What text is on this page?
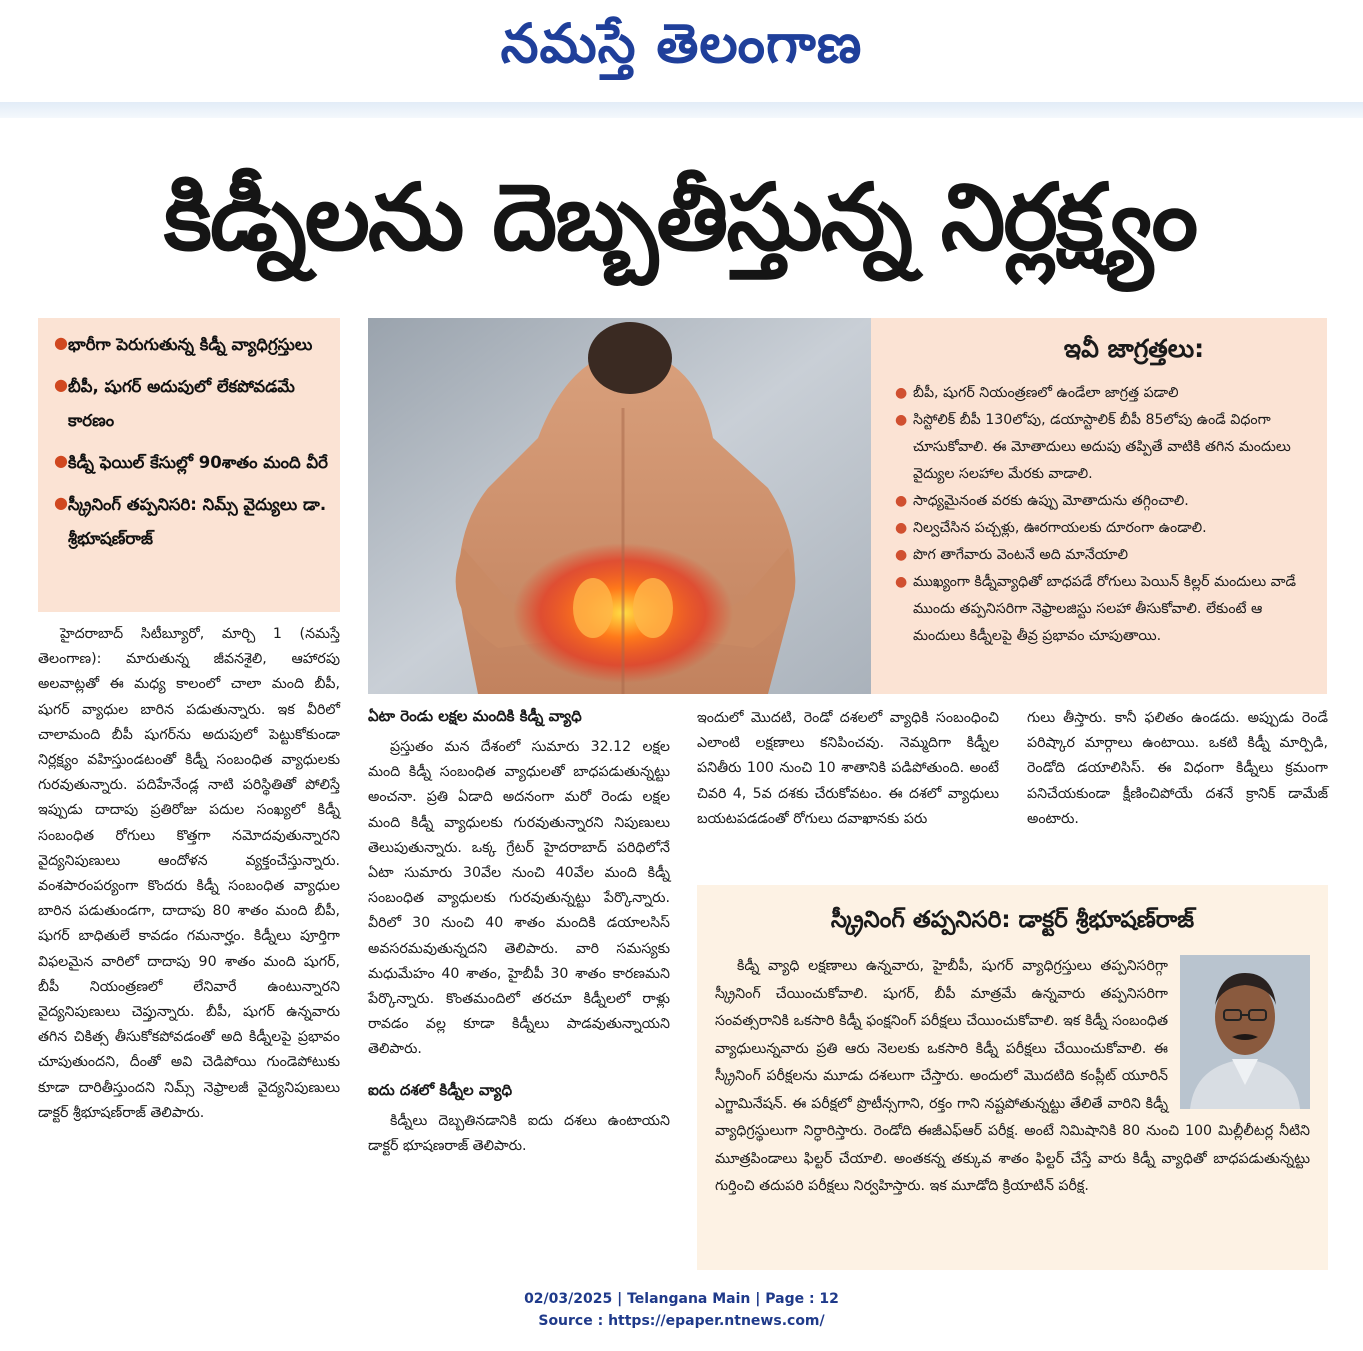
నమస్తే తెలంగాణ
కిడ్నీలను దెబ్బతీస్తున్న నిర్లక్ష్యం
● భారీగా పెరుగుతున్న కిడ్నీ వ్యాధిగ్రస్తులు
● బీపీ, షుగర్ అదుపులో లేకపోవడమే కారణం
● కిడ్నీ ఫెయిల్ కేసుల్లో 90శాతం మంది వీరే
● స్క్రీనింగ్ తప్పనిసరి: నిమ్స్ వైద్యులు డా. శ్రీభూషణ్‌రాజ్
ఇవీ జాగ్రత్తలు:
● బీపీ, షుగర్ నియంత్రణలో ఉండేలా జాగ్రత్త పడాలి
● సిస్టోలిక్ బీపీ 130లోపు, డయాస్టాలిక్ బీపీ 85లోపు ఉండే విధంగా చూసుకోవాలి. ఈ మోతాదులు అదుపు తప్పితే వాటికి తగిన మందులు వైద్యుల సలహాల మేరకు వాడాలి.
● సాధ్యమైనంత వరకు ఉప్పు మోతాదును తగ్గించాలి.
● నిల్వచేసిన పచ్చళ్లు, ఊరగాయలకు దూరంగా ఉండాలి.
● పొగ తాగేవారు వెంటనే అది మానేయాలి
● ముఖ్యంగా కిడ్నీవ్యాధితో బాధపడే రోగులు పెయిన్ కిల్లర్ మందులు వాడే ముందు తప్పనిసరిగా నెఫ్రాలజిస్టు సలహా తీసుకోవాలి. లేకుంటే ఆ మందులు కిడ్నీలపై తీవ్ర ప్రభావం చూపుతాయి.

హైదరాబాద్ సిటీబ్యూరో, మార్చి 1 (నమస్తే తెలంగాణ): మారుతున్న జీవనశైలి, ఆహారపు అలవాట్లతో ఈ మధ్య కాలంలో చాలా మంది బీపీ, షుగర్ వ్యాధుల బారిన పడుతున్నారు. ఇక వీరిలో చాలామంది బీపీ షుగర్‌ను అదుపులో పెట్టుకోకుండా నిర్లక్ష్యం వహిస్తుండటంతో కిడ్నీ సంబంధిత వ్యాధులకు గురవుతున్నారు. పదిహేనేండ్ల నాటి పరిస్థితితో పోలిస్తే ఇప్పుడు దాదాపు ప్రతిరోజు పదుల సంఖ్యలో కిడ్నీ సంబంధిత రోగులు కొత్తగా నమోదవుతున్నారని వైద్యనిపుణులు ఆందోళన వ్యక్తంచేస్తున్నారు. వంశపారంపర్యంగా కొందరు కిడ్నీ సంబంధిత వ్యాధుల బారిన పడుతుండగా, దాదాపు 80 శాతం మంది బీపీ, షుగర్ బాధితులే కావడం గమనార్హం. కిడ్నీలు పూర్తిగా విఫలమైన వారిలో దాదాపు 90 శాతం మంది షుగర్, బీపీ నియంత్రణలో లేనివారే ఉంటున్నారని వైద్యనిపుణులు చెప్తున్నారు. బీపీ, షుగర్ ఉన్నవారు తగిన చికిత్స తీసుకోకపోవడంతో అది కిడ్నీలపై ప్రభావం చూపుతుందని, దీంతో అవి చెడిపోయి గుండెపోటుకు కూడా దారితీస్తుందని నిమ్స్ నెఫ్రాలజీ వైద్యనిపుణులు డాక్టర్ శ్రీభూషణ్‌రాజ్ తెలిపారు.

ఏటా రెండు లక్షల మందికి కిడ్నీ వ్యాధి

ప్రస్తుతం మన దేశంలో సుమారు 32.12 లక్షల మంది కిడ్నీ సంబంధిత వ్యాధులతో బాధపడుతున్నట్టు అంచనా. ప్రతి ఏడాది అదనంగా మరో రెండు లక్షల మంది కిడ్నీ వ్యాధులకు గురవుతున్నారని నిపుణులు తెలుపుతున్నారు. ఒక్క గ్రేటర్ హైదరాబాద్ పరిధిలోనే ఏటా సుమారు 30వేల నుంచి 40వేల మంది కిడ్నీ సంబంధిత వ్యాధులకు గురవుతున్నట్టు పేర్కొన్నారు. వీరిలో 30 నుంచి 40 శాతం మందికి డయాలసిస్ అవసరమవుతున్నదని తెలిపారు. వారి సమస్యకు మధుమేహం 40 శాతం, హైబీపీ 30 శాతం కారణమని పేర్కొన్నారు. కొంతమందిలో తరచూ కిడ్నీలలో రాళ్లు రావడం వల్ల కూడా కిడ్నీలు పాడవుతున్నాయని తెలిపారు.

ఐదు దశలో కిడ్నీల వ్యాధి

కిడ్నీలు దెబ్బతినడానికి ఐదు దశలు ఉంటాయని డాక్టర్ భూషణరాజ్ తెలిపారు.

ఇందులో మొదటి, రెండో దశలలో వ్యాధికి సంబంధించి ఎలాంటి లక్షణాలు కనిపించవు. నెమ్మదిగా కిడ్నీల పనితీరు 100 నుంచి 10 శాతానికి పడిపోతుంది. అంటే చివరి 4, 5వ దశకు చేరుకోవటం. ఈ దశలో వ్యాధులు బయటపడడంతో రోగులు దవాఖానకు పరు

గులు తీస్తారు. కానీ ఫలితం ఉండదు. అప్పుడు రెండే పరిష్కార మార్గాలు ఉంటాయి. ఒకటి కిడ్నీ మార్పిడి, రెండోది డయాలిసిస్. ఈ విధంగా కిడ్నీలు క్రమంగా పనిచేయకుండా క్షీణించిపోయే దశనే క్రానిక్ డామేజ్ అంటారు.

స్క్రీనింగ్ తప్పనిసరి: డాక్టర్ శ్రీభూషణ్‌రాజ్

కిడ్నీ వ్యాధి లక్షణాలు ఉన్నవారు, హైబీపీ, షుగర్ వ్యాధిగ్రస్తులు తప్పనిసరిగ్గా స్క్రీనింగ్ చేయించుకోవాలి. షుగర్, బీపీ మాత్రమే ఉన్నవారు తప్పనిసరిగా సంవత్సరానికి ఒకసారి కిడ్నీ ఫంక్షనింగ్ పరీక్షలు చేయించుకోవాలి. ఇక కిడ్నీ సంబంధిత వ్యాధులున్నవారు ప్రతి ఆరు నెలలకు ఒకసారి కిడ్నీ పరీక్షలు చేయించుకోవాలి. ఈ స్క్రీనింగ్ పరీక్షలను మూడు దశలుగా చేస్తారు. అందులో మొదటిది కంప్లీట్ యూరిన్ ఎగ్జామినేషన్. ఈ పరీక్షలో ప్రొటీన్సగాని, రక్తం గాని నష్టపోతున్నట్టు తేలితే వారిని కిడ్నీ వ్యాధిగ్రస్థులుగా నిర్ధారిస్తారు. రెండోది ఈజీఎఫ్‌ఆర్ పరీక్ష. అంటే నిమిషానికి 80 నుంచి 100 మిల్లీలీటర్ల నీటిని మూత్రపిండాలు ఫిల్టర్ చేయాలి. అంతకన్న తక్కువ శాతం ఫిల్టర్ చేస్తే వారు కిడ్నీ వ్యాధితో బాధపడుతున్నట్టు గుర్తించి తదుపరి పరీక్షలు నిర్వహిస్తారు. ఇక మూడోది క్రియాటిన్ పరీక్ష.

02/03/2025 | Telangana Main | Page : 12
Source : https://epaper.ntnews.com/
